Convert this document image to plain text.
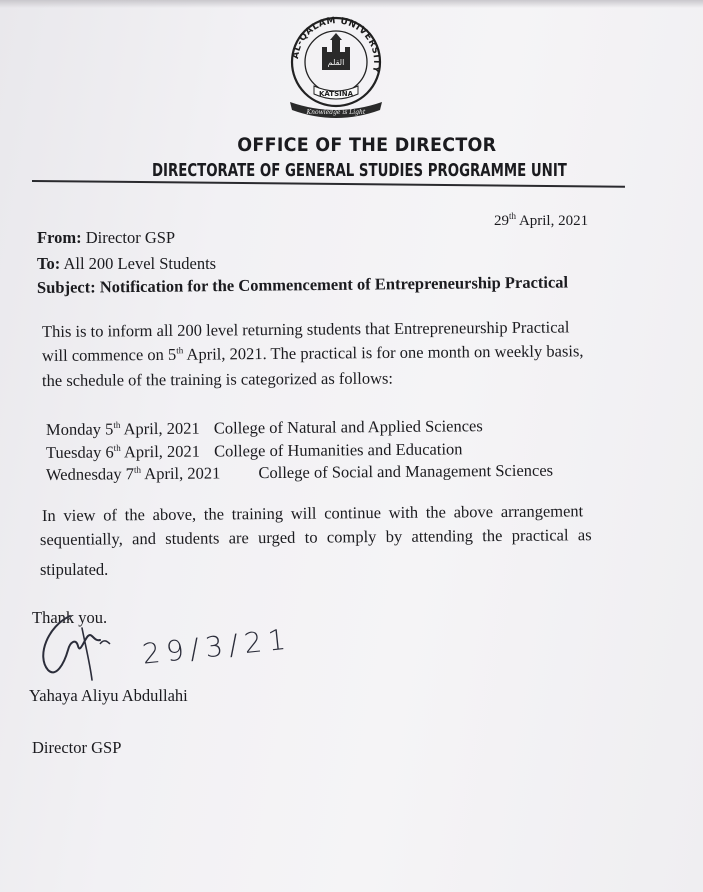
AL-QALAM UNIVERSITY
القلم
KATSINA
Knowledge is Light
OFFICE OF THE DIRECTOR
DIRECTORATE OF GENERAL STUDIES PROGRAMME UNIT
29th April, 2021
From: Director GSP
To: All 200 Level Students
Subject: Notification for the Commencement of Entrepreneurship Practical
This is to inform all 200 level returning students that Entrepreneurship Practical
will commence on 5th April, 2021. The practical is for one month on weekly basis,
the schedule of the training is categorized as follows:
Monday 5th April, 2021 College of Natural and Applied Sciences
Tuesday 6th April, 2021 College of Humanities and Education
Wednesday 7th April, 2021 College of Social and Management Sciences
In view of the above, the training will continue with the above arrangement
sequentially, and students are urged to comply by attending the practical as
stipulated.
Thank you.
29/3/21
Yahaya Aliyu Abdullahi
Director GSP
